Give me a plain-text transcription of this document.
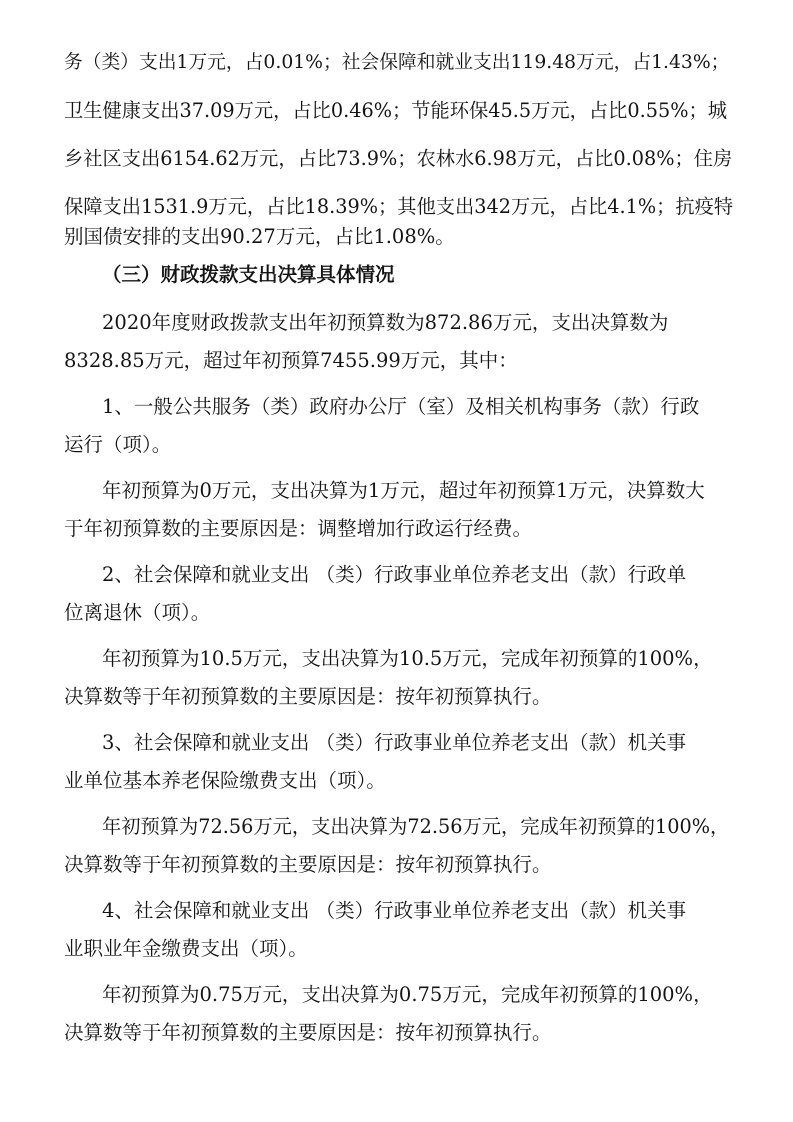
务（类）支出1万元，占0.01%；社会保障和就业支出119.48万元，占1.43%；

卫生健康支出37.09万元，占比0.46%；节能环保45.5万元，占比0.55%；城

乡社区支出6154.62万元，占比73.9%；农林水6.98万元，占比0.08%；住房

保障支出1531.9万元，占比18.39%；其他支出342万元，占比4.1%；抗疫特

别国债安排的支出90.27万元，占比1.08%。

（三）财政拨款支出决算具体情况

2020年度财政拨款支出年初预算数为872.86万元，支出决算数为

8328.85万元，超过年初预算7455.99万元，其中：

1、一般公共服务（类）政府办公厅（室）及相关机构事务（款）行政

运行（项）。

年初预算为0万元，支出决算为1万元，超过年初预算1万元，决算数大

于年初预算数的主要原因是：调整增加行政运行经费。

2、社会保障和就业支出 （类）行政事业单位养老支出（款）行政单

位离退休（项）。

年初预算为10.5万元，支出决算为10.5万元，完成年初预算的100%，

决算数等于年初预算数的主要原因是：按年初预算执行。

3、社会保障和就业支出 （类）行政事业单位养老支出（款）机关事

业单位基本养老保险缴费支出（项）。

年初预算为72.56万元，支出决算为72.56万元，完成年初预算的100%，

决算数等于年初预算数的主要原因是：按年初预算执行。

4、社会保障和就业支出 （类）行政事业单位养老支出（款）机关事

业职业年金缴费支出（项）。

年初预算为0.75万元，支出决算为0.75万元，完成年初预算的100%，

决算数等于年初预算数的主要原因是：按年初预算执行。
